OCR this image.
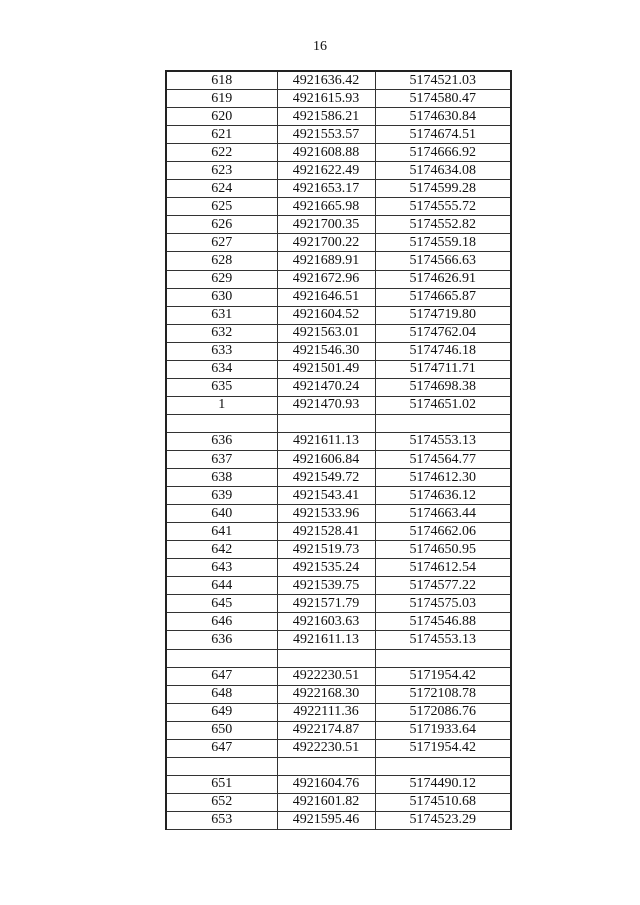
16
618	4921636.42	5174521.03
619	4921615.93	5174580.47
620	4921586.21	5174630.84
621	4921553.57	5174674.51
622	4921608.88	5174666.92
623	4921622.49	5174634.08
624	4921653.17	5174599.28
625	4921665.98	5174555.72
626	4921700.35	5174552.82
627	4921700.22	5174559.18
628	4921689.91	5174566.63
629	4921672.96	5174626.91
630	4921646.51	5174665.87
631	4921604.52	5174719.80
632	4921563.01	5174762.04
633	4921546.30	5174746.18
634	4921501.49	5174711.71
635	4921470.24	5174698.38
1	4921470.93	5174651.02

636	4921611.13	5174553.13
637	4921606.84	5174564.77
638	4921549.72	5174612.30
639	4921543.41	5174636.12
640	4921533.96	5174663.44
641	4921528.41	5174662.06
642	4921519.73	5174650.95
643	4921535.24	5174612.54
644	4921539.75	5174577.22
645	4921571.79	5174575.03
646	4921603.63	5174546.88
636	4921611.13	5174553.13

647	4922230.51	5171954.42
648	4922168.30	5172108.78
649	4922111.36	5172086.76
650	4922174.87	5171933.64
647	4922230.51	5171954.42

651	4921604.76	5174490.12
652	4921601.82	5174510.68
653	4921595.46	5174523.29
